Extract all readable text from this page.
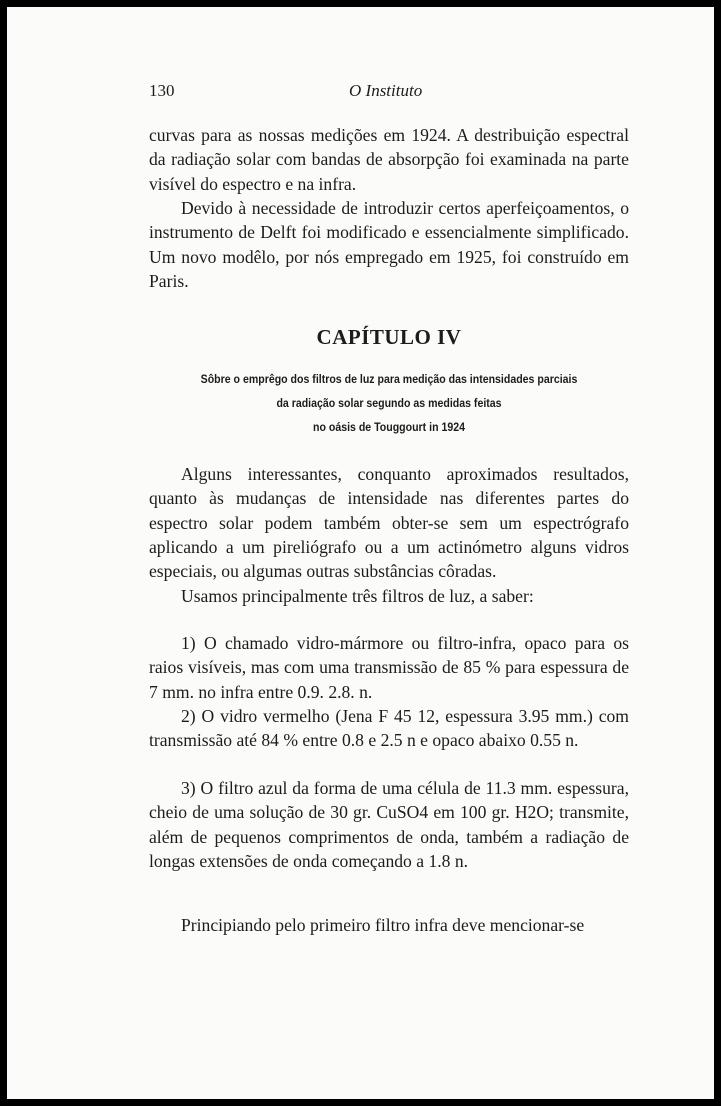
130	O Instituto

curvas para as nossas medições em 1924. A destribuição espectral da radiação solar com bandas de absorpção foi examinada na parte visível do espectro e na infra.

Devido à necessidade de introduzir certos aperfeiçoamentos, o instrumento de Delft foi modificado e essencialmente simplificado. Um novo modêlo, por nós empregado em 1925, foi construído em Paris.

CAPÍTULO IV
Sôbre o emprêgo dos filtros de luz para medição das intensidades parciais
da radiação solar segundo as medidas feitas
no oásis de Touggourt in 1924

Alguns interessantes, conquanto aproximados resultados, quanto às mudanças de intensidade nas diferentes partes do espectro solar podem também obter-se sem um espectrógrafo aplicando a um pireliógrafo ou a um actinómetro alguns vidros especiais, ou algumas outras substâncias côradas.

Usamos principalmente três filtros de luz, a saber:

1) O chamado vidro-mármore ou filtro-infra, opaco para os raios visíveis, mas com uma transmissão de 85 % para espessura de 7 mm. no infra entre 0.9. 2.8. n.

2) O vidro vermelho (Jena F 45 12, espessura 3.95 mm.) com transmissão até 84 % entre 0.8 e 2.5 n e opaco abaixo 0.55 n.

3) O filtro azul da forma de uma célula de 11.3 mm. espessura, cheio de uma solução de 30 gr. CuSO4 em 100 gr. H2O; transmite, além de pequenos comprimentos de onda, também a radiação de longas extensões de onda começando a 1.8 n.

Principiando pelo primeiro filtro infra deve mencionar-se
